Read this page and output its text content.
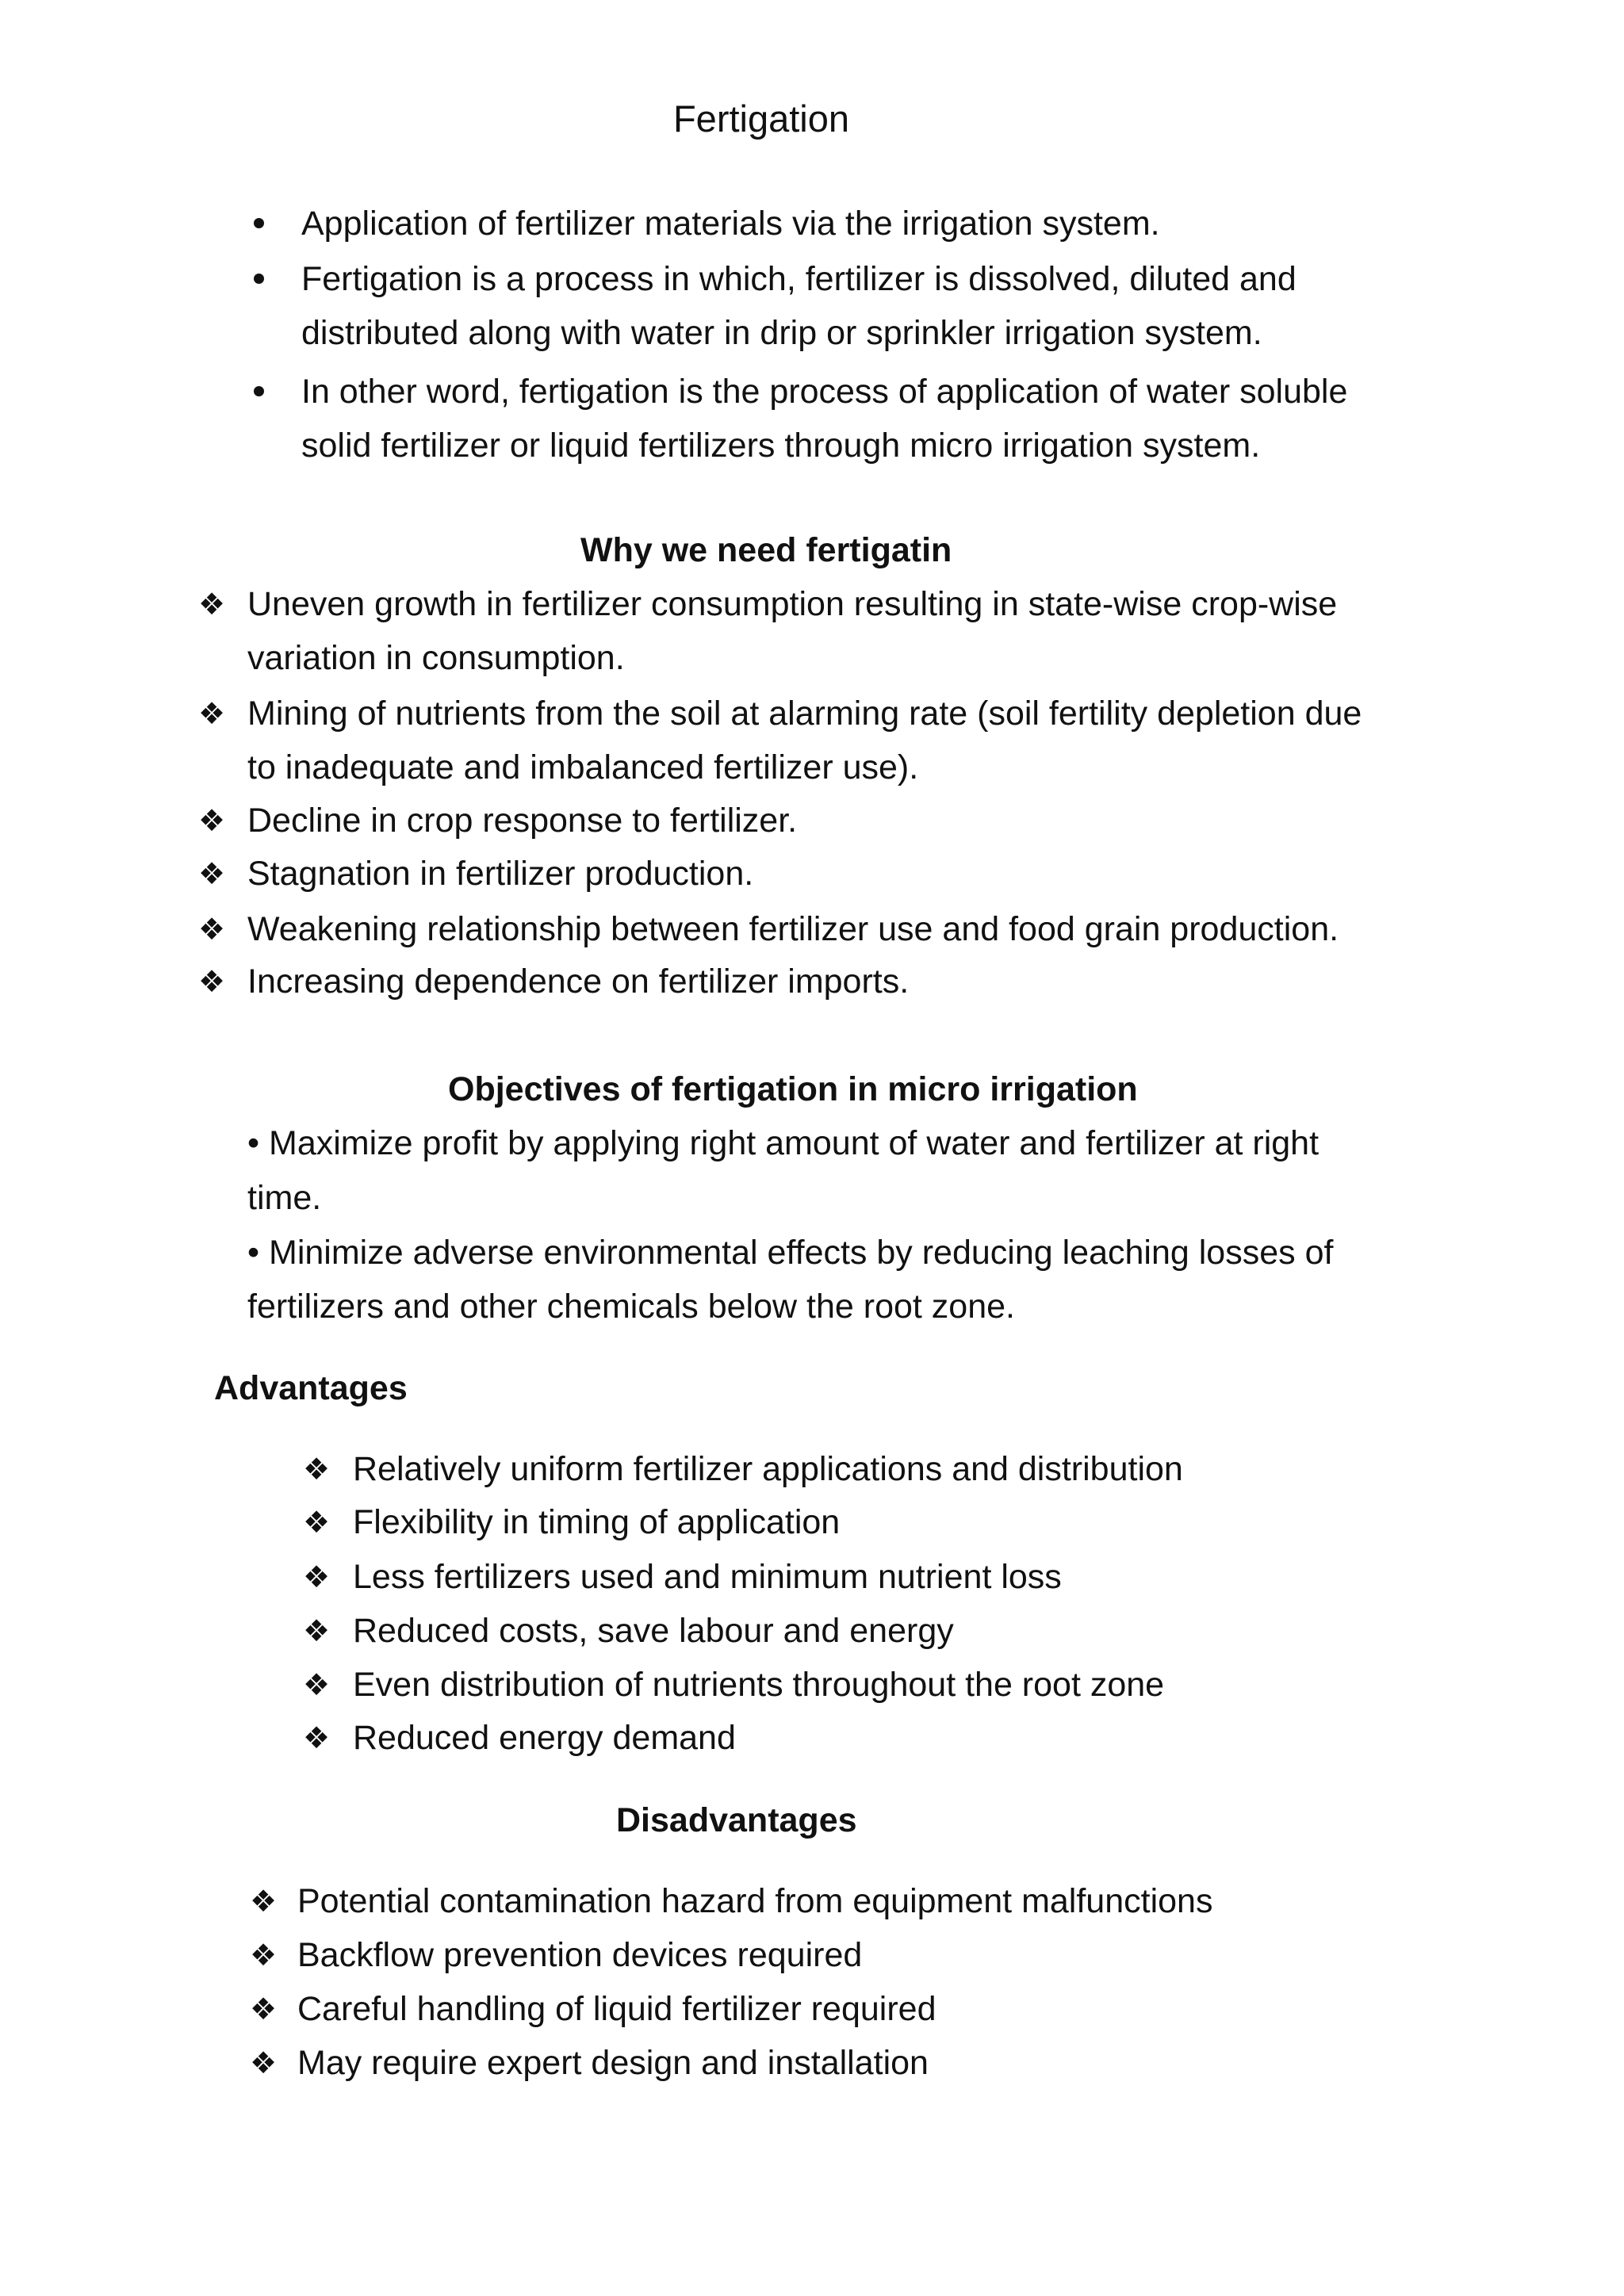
Fertigation
Application of fertilizer materials via the irrigation system.
Fertigation is a process in which, fertilizer is dissolved, diluted and
distributed along with water in drip or sprinkler irrigation system.
In other word, fertigation is the process of application of water soluble
solid fertilizer or liquid fertilizers through micro irrigation system.
Why we need fertigatin
❖ Uneven growth in fertilizer consumption resulting in state-wise crop-wise
variation in consumption.
❖ Mining of nutrients from the soil at alarming rate (soil fertility depletion due
to inadequate and imbalanced fertilizer use).
❖ Decline in crop response to fertilizer.
❖ Stagnation in fertilizer production.
❖ Weakening relationship between fertilizer use and food grain production.
❖ Increasing dependence on fertilizer imports.
Objectives of fertigation in micro irrigation
• Maximize profit by applying right amount of water and fertilizer at right
time.
• Minimize adverse environmental effects by reducing leaching losses of
fertilizers and other chemicals below the root zone.
Advantages
❖ Relatively uniform fertilizer applications and distribution
❖ Flexibility in timing of application
❖ Less fertilizers used and minimum nutrient loss
❖ Reduced costs, save labour and energy
❖ Even distribution of nutrients throughout the root zone
❖ Reduced energy demand
Disadvantages
❖ Potential contamination hazard from equipment malfunctions
❖ Backflow prevention devices required
❖ Careful handling of liquid fertilizer required
❖ May require expert design and installation
